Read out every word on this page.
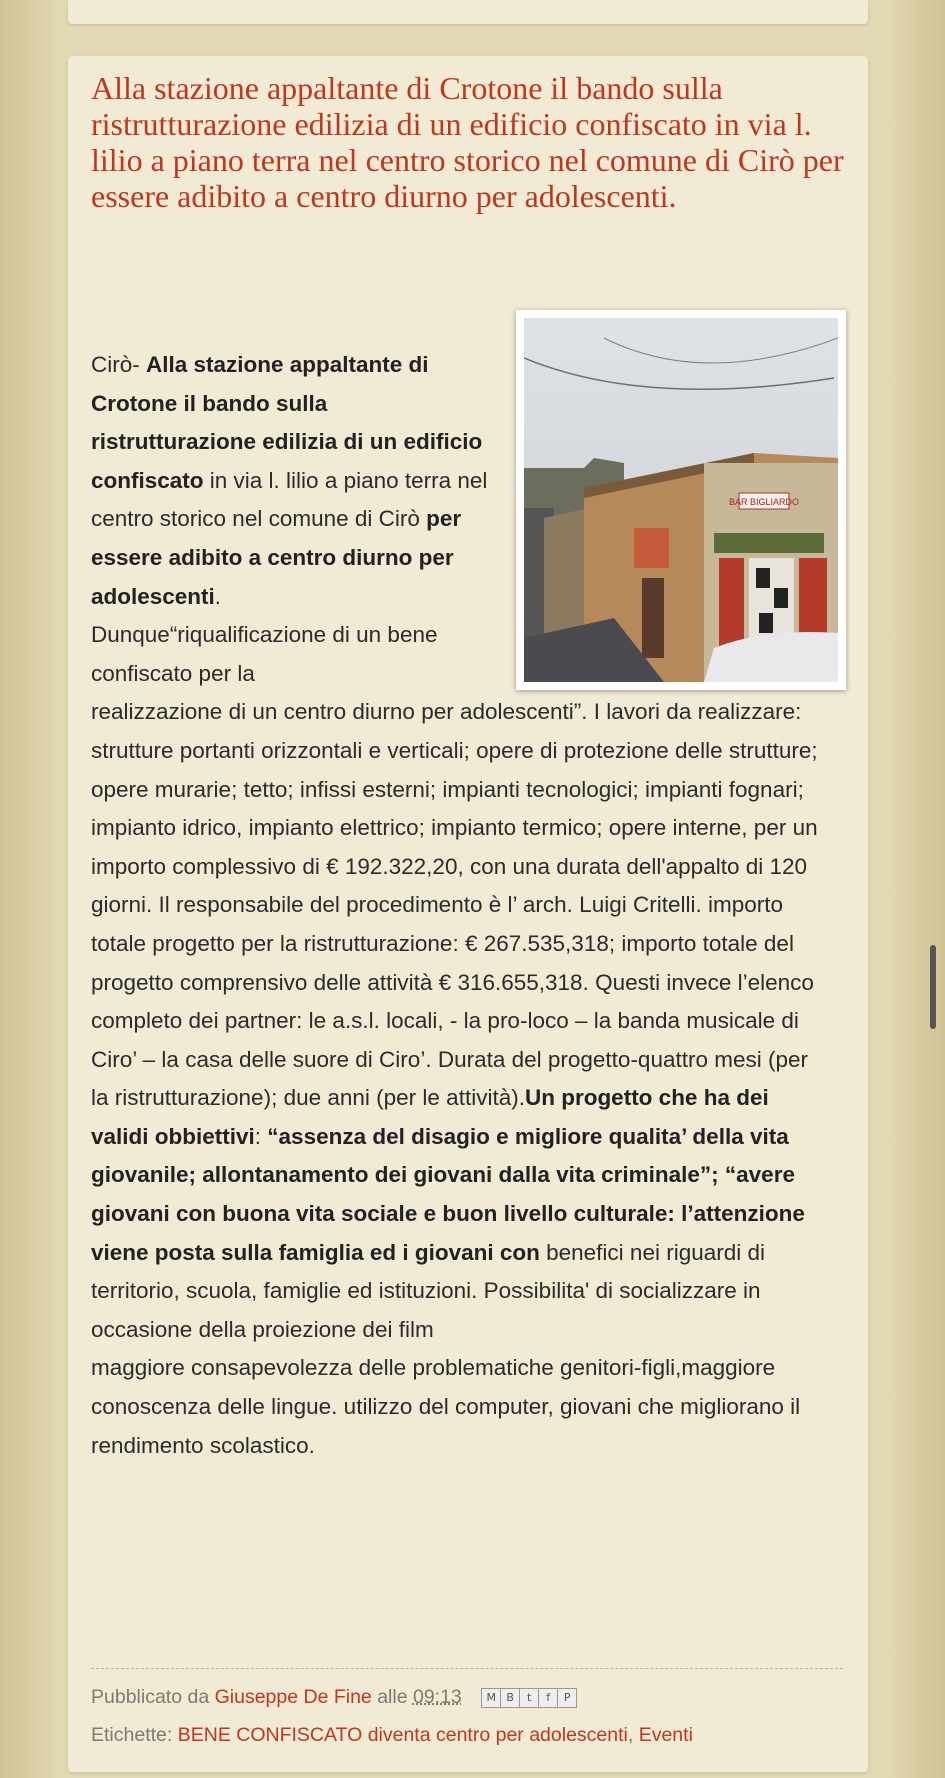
Alla stazione appaltante di Crotone il bando sulla ristrutturazione edilizia di un edificio confiscato in via l. lilio a piano terra nel centro storico nel comune di Cirò per essere adibito a centro diurno per adolescenti.
BAR BIGLIARDO
Cirò- Alla stazione appaltante di Crotone il bando sulla ristrutturazione edilizia di un edificio confiscato in via l. lilio a piano terra nel centro storico nel comune di Cirò per essere adibito a centro diurno per adolescenti.
Dunque“riqualificazione di un bene confiscato per la
realizzazione di un centro diurno per adolescenti”. I lavori da realizzare: strutture portanti orizzontali e verticali; opere di protezione delle strutture; opere murarie; tetto; infissi esterni; impianti tecnologici; impianti fognari; impianto idrico, impianto elettrico; impianto termico; opere interne, per un importo complessivo di € 192.322,20, con una durata dell'appalto di 120 giorni. Il responsabile del procedimento è l’ arch. Luigi Critelli. importo totale progetto per la ristrutturazione: € 267.535,318; importo totale del progetto comprensivo delle attività € 316.655,318. Questi invece l’elenco completo dei partner: le a.s.l. locali, - la pro-loco – la banda musicale di Ciro’ – la casa delle suore di Ciro’. Durata del progetto-quattro mesi (per la ristrutturazione); due anni (per le attività).Un progetto che ha dei validi obbiettivi: “assenza del disagio e migliore qualita’ della vita giovanile; allontanamento dei giovani dalla vita criminale”; “avere giovani con buona vita sociale e buon livello culturale: l’attenzione viene posta sulla famiglia ed i giovani con benefici nei riguardi di territorio, scuola, famiglie ed istituzioni. Possibilita' di socializzare in occasione della proiezione dei film
maggiore consapevolezza delle problematiche genitori-figli,maggiore conoscenza delle lingue. utilizzo del computer, giovani che migliorano il rendimento scolastico.
Pubblicato da Giuseppe De Fine alle 09:13 M B t f P
Etichette: BENE CONFISCATO diventa centro per adolescenti, Eventi
